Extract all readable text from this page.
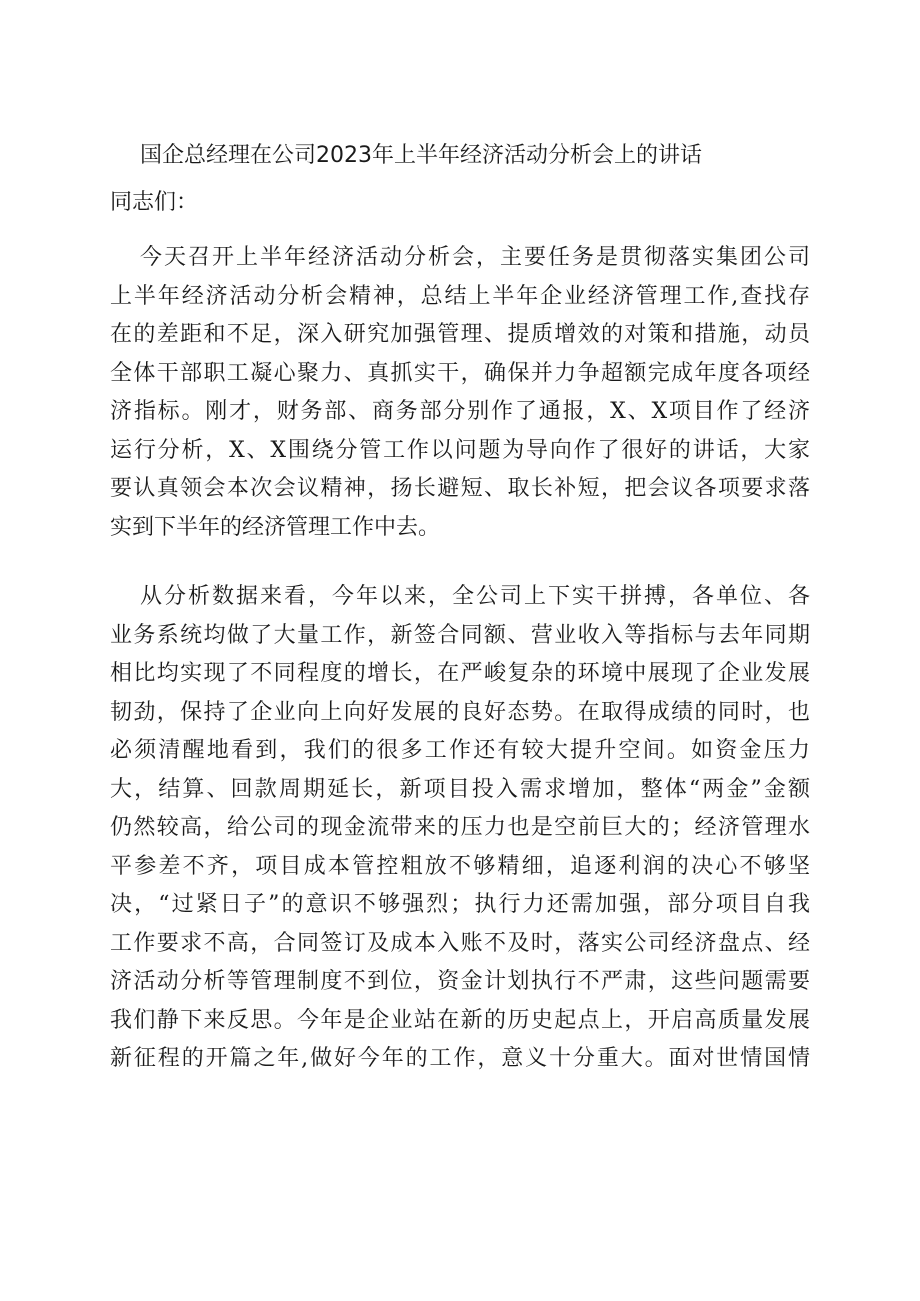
国企总经理在公司2023年上半年经济活动分析会上的讲话
同志们：
今天召开上半年经济活动分析会，主要任务是贯彻落实集团公司
上半年经济活动分析会精神，总结上半年企业经济管理工作,查找存
在的差距和不足，深入研究加强管理、提质增效的对策和措施，动员
全体干部职工凝心聚力、真抓实干，确保并力争超额完成年度各项经
济指标。刚才，财务部、商务部分别作了通报，X、X项目作了经济
运行分析，X、X围绕分管工作以问题为导向作了很好的讲话，大家
要认真领会本次会议精神，扬长避短、取长补短，把会议各项要求落
实到下半年的经济管理工作中去。
从分析数据来看，今年以来，全公司上下实干拼搏，各单位、各
业务系统均做了大量工作，新签合同额、营业收入等指标与去年同期
相比均实现了不同程度的增长，在严峻复杂的环境中展现了企业发展
韧劲，保持了企业向上向好发展的良好态势。在取得成绩的同时，也
必须清醒地看到，我们的很多工作还有较大提升空间。如资金压力
大，结算、回款周期延长，新项目投入需求增加，整体“两金”金额
仍然较高，给公司的现金流带来的压力也是空前巨大的；经济管理水
平参差不齐，项目成本管控粗放不够精细，追逐利润的决心不够坚
决，“过紧日子”的意识不够强烈；执行力还需加强，部分项目自我
工作要求不高，合同签订及成本入账不及时，落实公司经济盘点、经
济活动分析等管理制度不到位，资金计划执行不严肃，这些问题需要
我们静下来反思。今年是企业站在新的历史起点上，开启高质量发展
新征程的开篇之年,做好今年的工作，意义十分重大。面对世情国情
